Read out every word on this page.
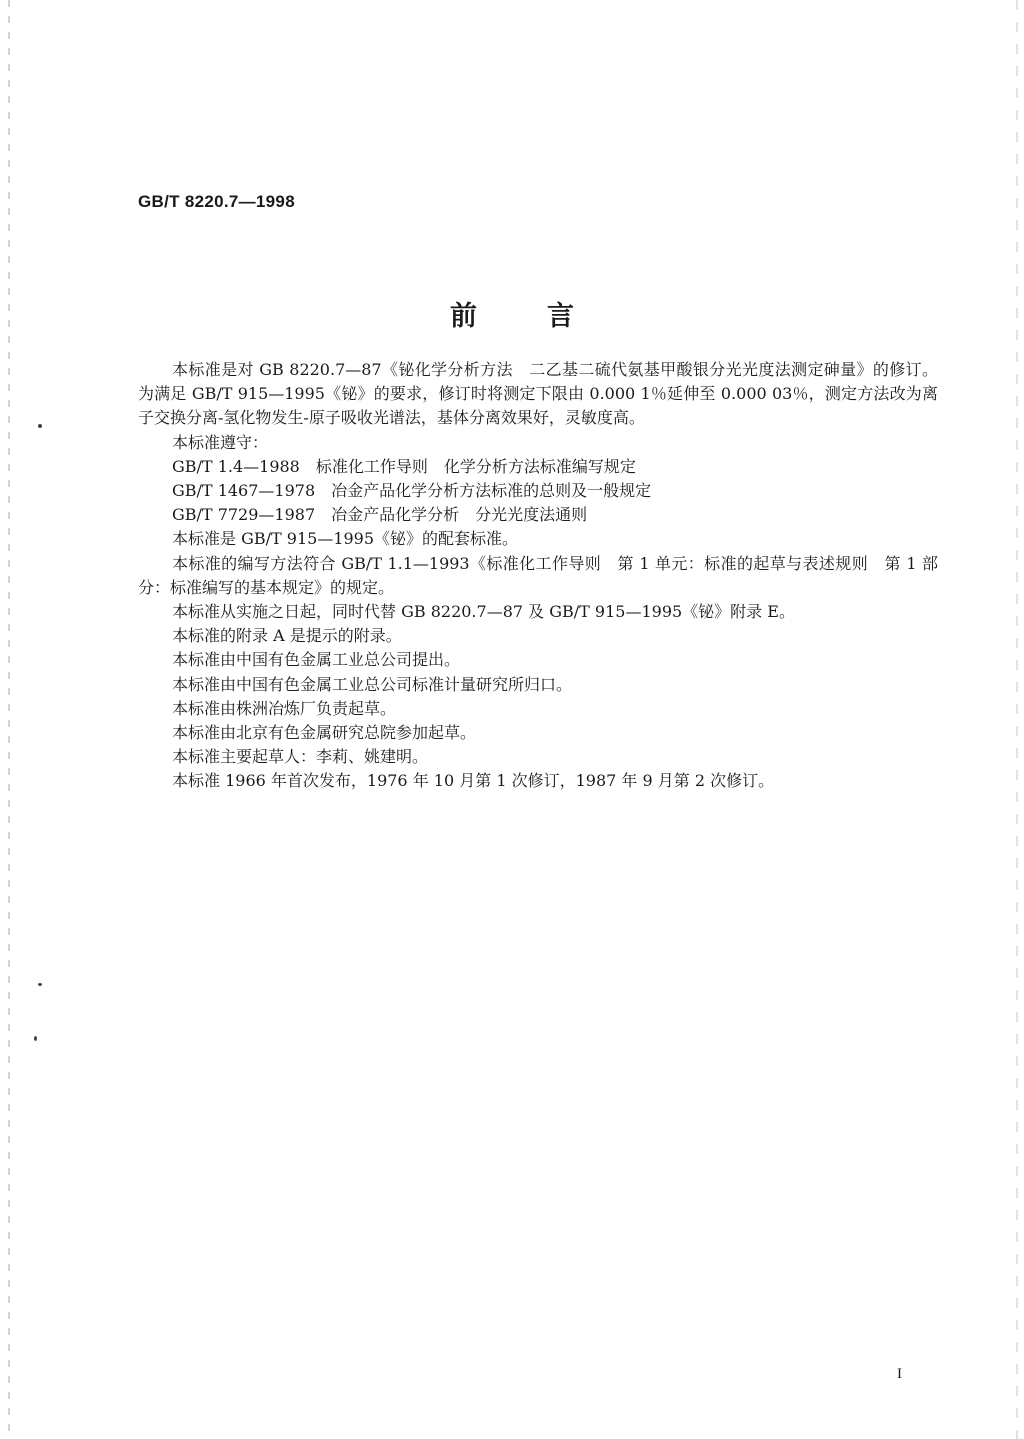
GB/T 8220.7—1998
前言

本标准是对 GB 8220.7—87《铋化学分析方法　二乙基二硫代氨基甲酸银分光光度法测定砷量》的修订。为满足 GB/T 915—1995《铋》的要求，修订时将测定下限由 0.000 1％延伸至 0.000 03％，测定方法改为离子交换分离-氢化物发生-原子吸收光谱法，基体分离效果好，灵敏度高。

本标准遵守：

GB/T 1.4—1988　标准化工作导则　化学分析方法标准编写规定
GB/T 1467—1978　冶金产品化学分析方法标准的总则及一般规定
GB/T 7729—1987　冶金产品化学分析　分光光度法通则

本标准是 GB/T 915—1995《铋》的配套标准。

本标准的编写方法符合 GB/T 1.1—1993《标准化工作导则　第 1 单元：标准的起草与表述规则　第 1 部分：标准编写的基本规定》的规定。

本标准从实施之日起，同时代替 GB 8220.7—87 及 GB/T 915—1995《铋》附录 E。

本标准的附录 A 是提示的附录。

本标准由中国有色金属工业总公司提出。

本标准由中国有色金属工业总公司标准计量研究所归口。

本标准由株洲冶炼厂负责起草。

本标准由北京有色金属研究总院参加起草。

本标准主要起草人：李莉、姚建明。

本标准 1966 年首次发布，1976 年 10 月第 1 次修订，1987 年 9 月第 2 次修订。

I
